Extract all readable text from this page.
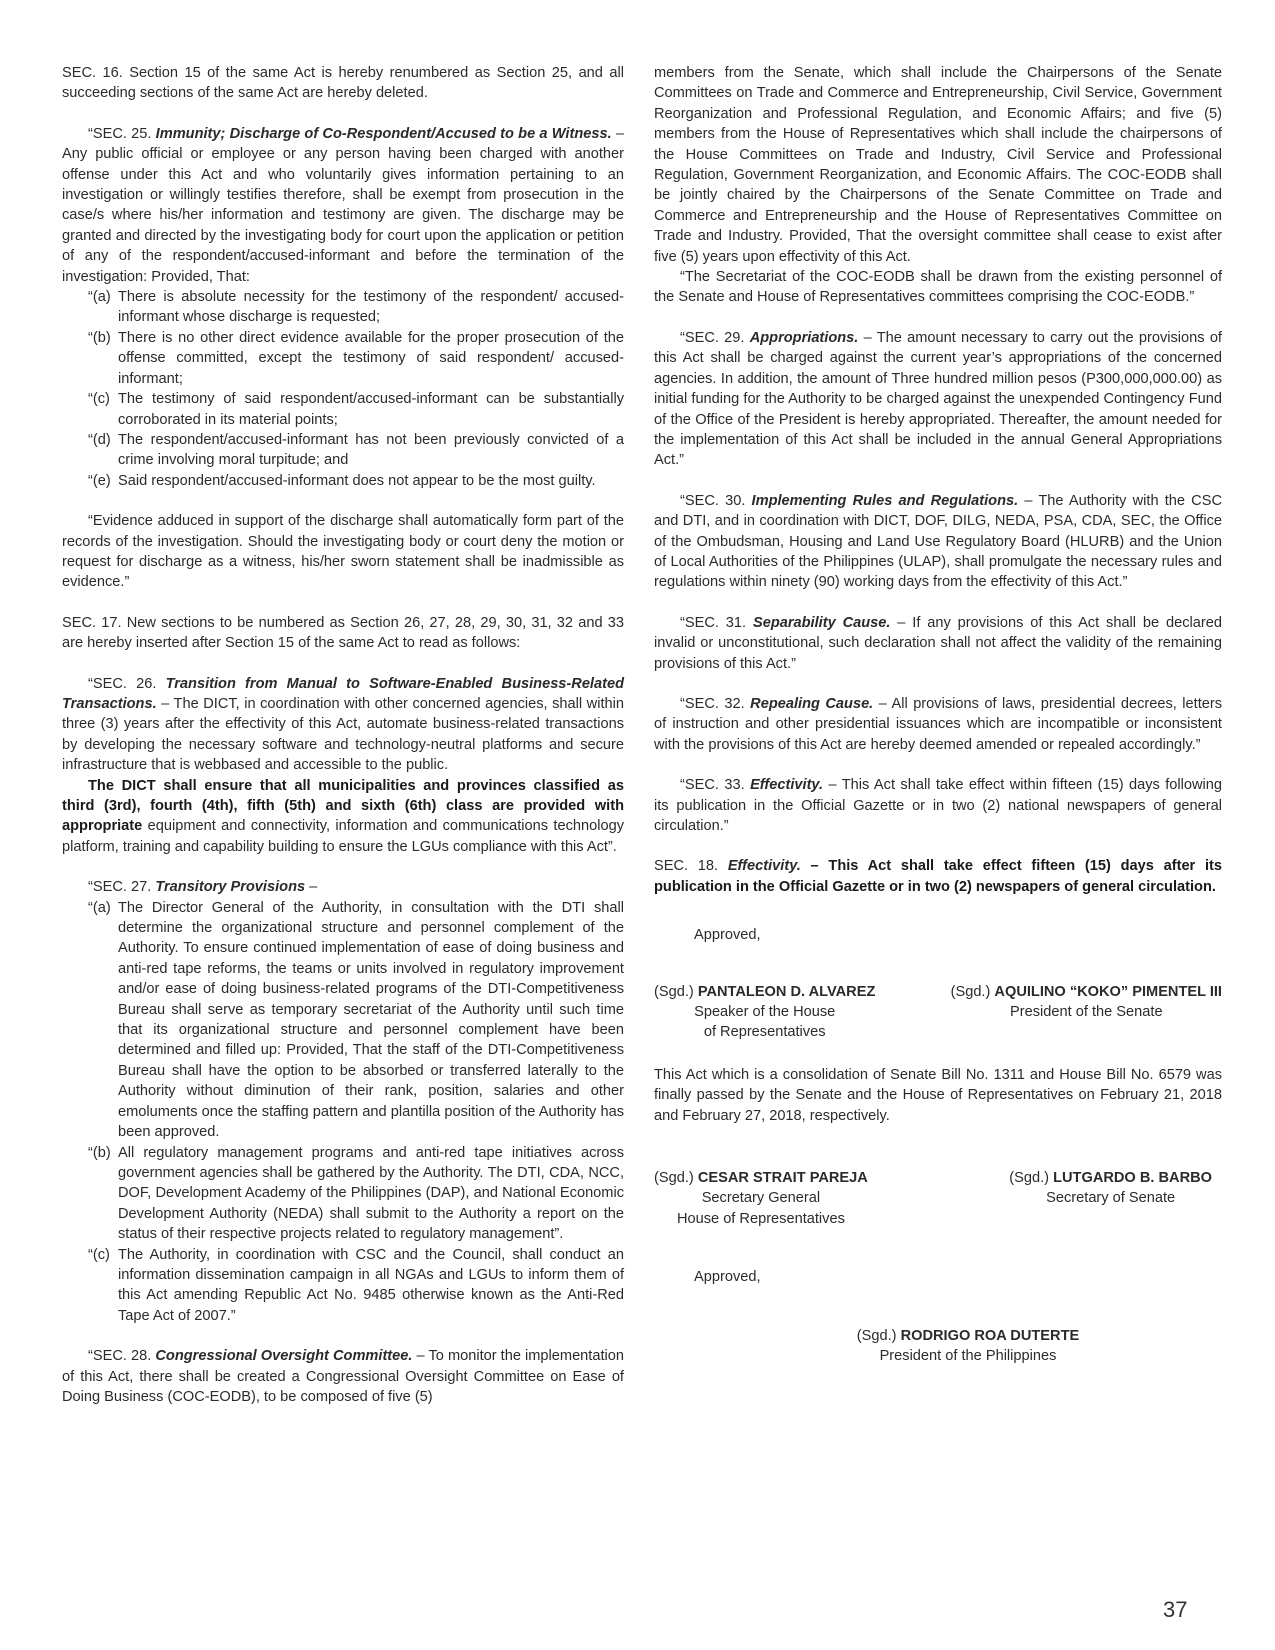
SEC. 16. Section 15 of the same Act is hereby renumbered as Section 25, and all succeeding sections of the same Act are hereby deleted.

“SEC. 25. Immunity; Discharge of Co-Respondent/Accused to be a Witness. – Any public official or employee or any person having been charged with another offense under this Act and who voluntarily gives information pertaining to an investigation or willingly testifies therefore, shall be exempt from prosecution in the case/s where his/her information and testimony are given. The discharge may be granted and directed by the investigating body for court upon the application or petition of any of the respondent/accused-informant and before the termination of the investigation: Provided, That:

“(a) There is absolute necessity for the testimony of the respondent/ accused-informant whose discharge is requested;
“(b) There is no other direct evidence available for the proper prosecution of the offense committed, except the testimony of said respondent/ accused-informant;
“(c) The testimony of said respondent/accused-informant can be substantially corroborated in its material points;
“(d) The respondent/accused-informant has not been previously convicted of a crime involving moral turpitude; and
“(e) Said respondent/accused-informant does not appear to be the most guilty.

“Evidence adduced in support of the discharge shall automatically form part of the records of the investigation. Should the investigating body or court deny the motion or request for discharge as a witness, his/her sworn statement shall be inadmissible as evidence.”

SEC. 17. New sections to be numbered as Section 26, 27, 28, 29, 30, 31, 32 and 33 are hereby inserted after Section 15 of the same Act to read as follows:

“SEC. 26. Transition from Manual to Software-Enabled Business-Related Transactions. – The DICT, in coordination with other concerned agencies, shall within three (3) years after the effectivity of this Act, automate business-related transactions by developing the necessary software and technology-neutral platforms and secure infrastructure that is webbased and accessible to the public.

The DICT shall ensure that all municipalities and provinces classified as third (3rd), fourth (4th), fifth (5th) and sixth (6th) class are provided with appropriate equipment and connectivity, information and communications technology platform, training and capability building to ensure the LGUs compliance with this Act”.

“SEC. 27. Transitory Provisions –

“(a) The Director General of the Authority, in consultation with the DTI shall determine the organizational structure and personnel complement of the Authority. To ensure continued implementation of ease of doing business and anti-red tape reforms, the teams or units involved in regulatory improvement and/or ease of doing business-related programs of the DTI-Competitiveness Bureau shall serve as temporary secretariat of the Authority until such time that its organizational structure and personnel complement have been determined and filled up: Provided, That the staff of the DTI-Competitiveness Bureau shall have the option to be absorbed or transferred laterally to the Authority without diminution of their rank, position, salaries and other emoluments once the staffing pattern and plantilla position of the Authority has been approved.
“(b) All regulatory management programs and anti-red tape initiatives across government agencies shall be gathered by the Authority. The DTI, CDA, NCC, DOF, Development Academy of the Philippines (DAP), and National Economic Development Authority (NEDA) shall submit to the Authority a report on the status of their respective projects related to regulatory management”.
“(c) The Authority, in coordination with CSC and the Council, shall conduct an information dissemination campaign in all NGAs and LGUs to inform them of this Act amending Republic Act No. 9485 otherwise known as the Anti-Red Tape Act of 2007.”

“SEC. 28. Congressional Oversight Committee. – To monitor the implementation of this Act, there shall be created a Congressional Oversight Committee on Ease of Doing Business (COC-EODB), to be composed of five (5)

members from the Senate, which shall include the Chairpersons of the Senate Committees on Trade and Commerce and Entrepreneurship, Civil Service, Government Reorganization and Professional Regulation, and Economic Affairs; and five (5) members from the House of Representatives which shall include the chairpersons of the House Committees on Trade and Industry, Civil Service and Professional Regulation, Government Reorganization, and Economic Affairs. The COC-EODB shall be jointly chaired by the Chairpersons of the Senate Committee on Trade and Commerce and Entrepreneurship and the House of Representatives Committee on Trade and Industry. Provided, That the oversight committee shall cease to exist after five (5) years upon effectivity of this Act.

“The Secretariat of the COC-EODB shall be drawn from the existing personnel of the Senate and House of Representatives committees comprising the COC-EODB.”

“SEC. 29. Appropriations. – The amount necessary to carry out the provisions of this Act shall be charged against the current year’s appropriations of the concerned agencies. In addition, the amount of Three hundred million pesos (P300,000,000.00) as initial funding for the Authority to be charged against the unexpended Contingency Fund of the Office of the President is hereby appropriated. Thereafter, the amount needed for the implementation of this Act shall be included in the annual General Appropriations Act.”

“SEC. 30. Implementing Rules and Regulations. – The Authority with the CSC and DTI, and in coordination with DICT, DOF, DILG, NEDA, PSA, CDA, SEC, the Office of the Ombudsman, Housing and Land Use Regulatory Board (HLURB) and the Union of Local Authorities of the Philippines (ULAP), shall promulgate the necessary rules and regulations within ninety (90) working days from the effectivity of this Act.”

“SEC. 31. Separability Cause. – If any provisions of this Act shall be declared invalid or unconstitutional, such declaration shall not affect the validity of the remaining provisions of this Act.”

“SEC. 32. Repealing Cause. – All provisions of laws, presidential decrees, letters of instruction and other presidential issuances which are incompatible or inconsistent with the provisions of this Act are hereby deemed amended or repealed accordingly.”

“SEC. 33. Effectivity. – This Act shall take effect within fifteen (15) days following its publication in the Official Gazette or in two (2) national newspapers of general circulation.”

SEC. 18. Effectivity. – This Act shall take effect fifteen (15) days after its publication in the Official Gazette or in two (2) newspapers of general circulation.

Approved,
(Sgd.) PANTALEON D. ALVAREZ
Speaker of the House
of Representatives
(Sgd.) AQUILINO “KOKO” PIMENTEL III
President of the Senate

This Act which is a consolidation of Senate Bill No. 1311 and House Bill No. 6579 was finally passed by the Senate and the House of Representatives on February 21, 2018 and February 27, 2018, respectively.

(Sgd.) CESAR STRAIT PAREJA
Secretary General
House of Representatives
(Sgd.) LUTGARDO B. BARBO
Secretary of Senate
Approved,
(Sgd.) RODRIGO ROA DUTERTE
President of the Philippines
37
